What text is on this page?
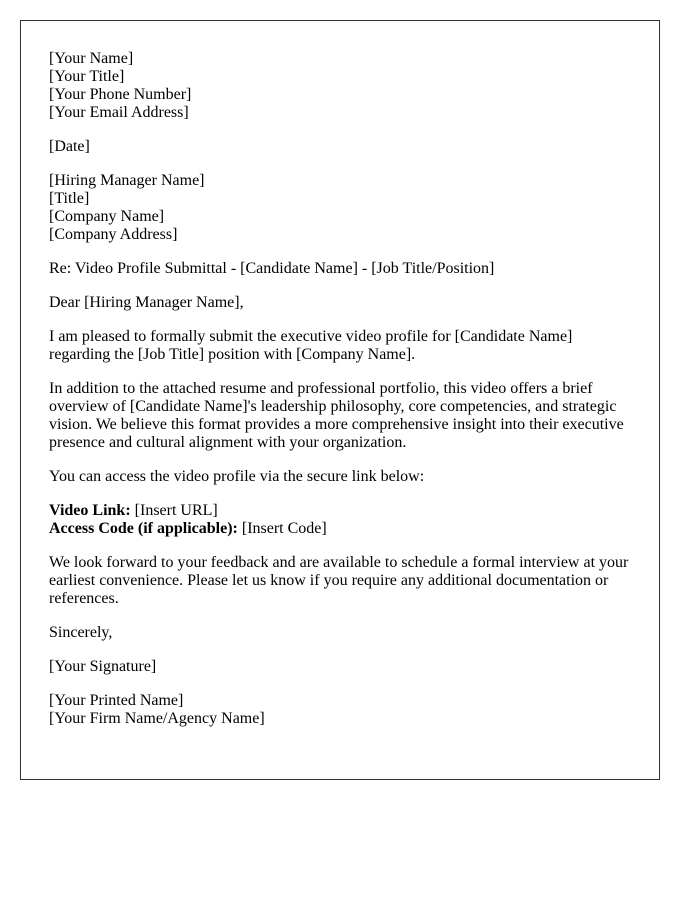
[Your Name]
[Your Title]
[Your Phone Number]
[Your Email Address]
[Date]
[Hiring Manager Name]
[Title]
[Company Name]
[Company Address]
Re: Video Profile Submittal - [Candidate Name] - [Job Title/Position]
Dear [Hiring Manager Name],
I am pleased to formally submit the executive video profile for [Candidate Name]
regarding the [Job Title] position with [Company Name].
In addition to the attached resume and professional portfolio, this video offers a brief
overview of [Candidate Name]'s leadership philosophy, core competencies, and strategic
vision. We believe this format provides a more comprehensive insight into their executive
presence and cultural alignment with your organization.
You can access the video profile via the secure link below:
Video Link: [Insert URL]
Access Code (if applicable): [Insert Code]
We look forward to your feedback and are available to schedule a formal interview at your
earliest convenience. Please let us know if you require any additional documentation or
references.
Sincerely,
[Your Signature]
[Your Printed Name]
[Your Firm Name/Agency Name]
